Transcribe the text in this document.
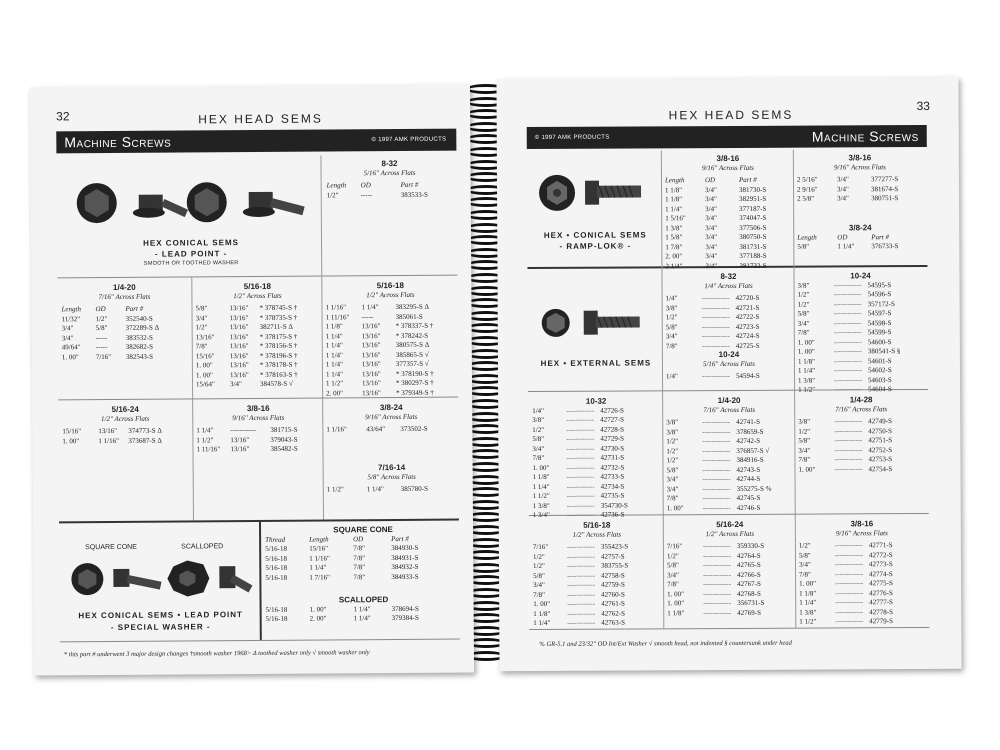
32	HEX HEAD SEMS
Machine Screws	© 1997 AMK PRODUCTS
HEX CONICAL SEMS
- LEAD POINT -
SMOOTH OR TOOTHED WASHER
8-32
5/16" Across Flats
Length	OD	Part #
1/2"	-----	383533-S
1/4-20
7/16" Across Flats
Length	OD	Part #
11/32"	1/2"	352540-S
3/4"	5/8"	372289-S Δ
3/4"	-----	383532-S
49/64"	-----	382682-S
1. 00"	7/16"	382543-S
5/16-18
1/2" Across Flats
5/8"	13/16"	* 378745-S †
3/4"	13/16"	* 378735-S †
1/2"	13/16"	382711-S Δ
13/16"	13/16"	* 378175-S †
7/8"	13/16"	* 378156-S †
15/16"	13/16"	* 378196-S †
1. 00"	13/16"	* 378178-S †
1. 00"	13/16"	* 378163-S †
15/64"	3/4"	384578-S √
5/16-18
1/2" Across Flats
1 1/16"	1 1/4"	383295-S Δ
1 11/16"	-----	385061-S
1 1/8"	13/16"	* 378337-S †
1 1/4"	13/16"	* 378242-S
1 1/4"	13/16"	380575-S Δ
1 1/4"	13/16"	385865-S √
1 1/4"	13/16"	377357-S √
1 1/4"	13/16"	* 378190-S †
1 1/2"	13/16"	* 380297-S †
2. 00"	13/16"	* 379349-S †
5/16-24
1/2" Across Flats
15/16"	13/16"	374773-S Δ
1. 00"	1 1/16"	373687-S Δ
3/8-16
9/16" Across Flats
1 1/4"	-----------	381715-S
1 1/2"	13/16"	379043-S
1 11/16"	13/16"	385482-S
3/8-24
9/16" Across Flats
1 1/16"	43/64"	373502-S
7/16-14
5/8" Across Flats
1 1/2"	1 1/4"	385780-S
SQUARE CONE	SCALLOPED
HEX CONICAL SEMS • LEAD POINT
- SPECIAL WASHER -
SQUARE CONE
Thread	Length	OD	Part #
5/16-18	15/16"	7/8"	384930-S
5/16-18	1 1/16"	7/8"	384931-S
5/16-18	1 1/4"	7/8"	384932-S
5/16-18	1 7/16"	7/8"	384933-S
SCALLOPED
5/16-18	1. 00"	1 1/4"	378694-S
5/16-18	2. 00"	1 1/4"	379384-S
* this part # underwent 3 major design changes †smooth washer 1968> Δ toothed washer only √ smooth washer only
33
HEX HEAD SEMS
© 1997 AMK PRODUCTS	Machine Screws
HEX • CONICAL SEMS
- RAMP-LOK® -
HEX • EXTERNAL SEMS
3/8-16
9/16" Across Flats
Length	OD	Part #
1 1/8"	3/4"	381730-S
1 1/8"	3/4"	382951-S
1 1/4"	3/4"	377187-S
1 5/16"	3/4"	374047-S
1 3/8"	3/4"	377506-S
1 5/8"	3/4"	380750-S
1 7/8"	3/4"	381731-S
2. 00"	3/4"	377188-S
2 1/4"	3/4"	381732-S
3/8-16
9/16" Across Flats
2 5/16"	3/4"	377277-S
2 9/16"	3/4"	381674-S
2 5/8"	3/4"	380751-S
3/8-24
Length	OD	Part #
5/8"	1 1/4"	376733-S
8-32
1/4" Across Flats
1/4"	------------ 42720-S
3/8"	------------ 42721-S
1/2"	------------ 42722-S
5/8"	------------ 42723-S
3/4"	------------ 42724-S
7/8"	------------ 42725-S
10-24
5/16" Across Flats
1/4"	------------ 54594-S
10-24
3/8"	------------ 54595-S
1/2"	------------ 54596-S
1/2"	------------ 357172-S
5/8"	------------ 54597-S
3/4"	------------ 54598-S
7/8"	------------ 54599-S
1. 00"	------------ 54600-S
1. 00"	------------ 380541-S §
1 1/8"	------------ 54601-S
1 1/4"	------------ 54602-S
1 3/8"	------------ 54603-S
1 1/2"	------------ 54604-S
10-32
1/4"	------------ 42726-S
3/8"	------------ 42727-S
1/2"	------------ 42728-S
5/8"	------------ 42729-S
3/4"	------------ 42730-S
7/8"	------------ 42731-S
1. 00"	------------ 42732-S
1 1/8"	------------ 42733-S
1 1/4"	------------ 42734-S
1 1/2"	------------ 42735-S
1 3/8"	------------ 354730-S
1 3/4"	------------ 42736-S
1/4-20
7/16" Across Flats
3/8"	------------ 42741-S
3/8"	------------ 378659-S
1/2"	------------ 42742-S
1/2"	------------ 376857-S √
1/2"	------------ 384916-S
5/8"	------------ 42743-S
3/4"	------------ 42744-S
3/4"	------------ 355275-S %
7/8"	------------ 42745-S
1. 00"	------------ 42746-S
1/4-28
7/16" Across Flats
3/8"	------------ 42749-S
1/2"	------------ 42750-S
5/8"	------------ 42751-S
3/4"	------------ 42752-S
7/8"	------------ 42753-S
1. 00"	------------ 42754-S
5/16-18
1/2" Across Flats
7/16"	------------ 355423-S
1/2"	------------ 42757-S
1/2"	------------ 383755-S
5/8"	------------ 42758-S
3/4"	------------ 42759-S
7/8"	------------ 42760-S
1. 00"	------------ 42761-S
1 1/8"	------------ 42762-S
1 1/4"	------------ 42763-S
5/16-24
1/2" Across Flats
7/16"	------------ 359330-S
1/2"	------------ 42764-S
5/8"	------------ 42765-S
3/4"	------------ 42766-S
7/8"	------------ 42767-S
1. 00"	------------ 42768-S
1. 00"	------------ 356731-S
1 1/8"	------------ 42769-S
3/8-16
9/16" Across Flats
1/2"	------------ 42771-S
5/8"	------------ 42772-S
3/4"	------------ 42773-S
7/8"	------------ 42774-S
1. 00"	------------ 42775-S
1 1/8"	------------ 42776-S
1 1/4"	------------ 42777-S
1 3/8"	------------ 42778-S
1 1/2"	------------ 42779-S
% GR-5.1 and 23/32" OD Int/Ext Washer √ smooth head, not indented § countersunk under head
